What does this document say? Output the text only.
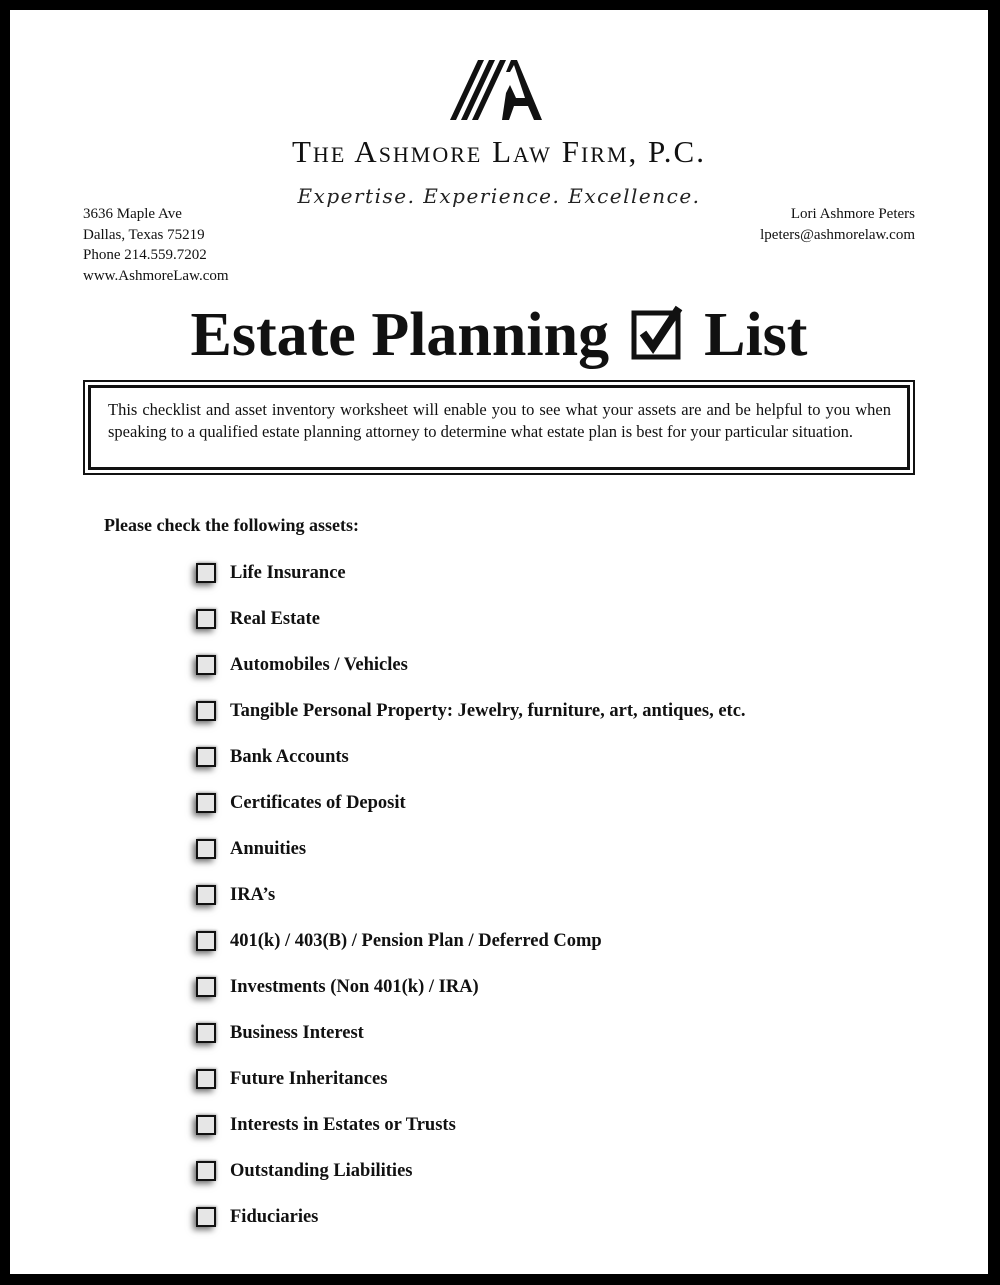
The Ashmore Law Firm, P.C.
Expertise. Experience. Excellence.
3636 Maple Ave
Dallas, Texas 75219
Phone 214.559.7202
www.AshmoreLaw.com
Lori Ashmore Peters
lpeters@ashmorelaw.com
Estate Planning List
This checklist and asset inventory worksheet will enable you to see what your assets are and be helpful to you when speaking to a qualified estate planning attorney to determine what estate plan is best for your particular situation.
Please check the following assets:
Life Insurance
Real Estate
Automobiles / Vehicles
Tangible Personal Property: Jewelry, furniture, art, antiques, etc.
Bank Accounts
Certificates of Deposit
Annuities
IRA’s
401(k) / 403(B) / Pension Plan / Deferred Comp
Investments (Non 401(k) / IRA)
Business Interest
Future Inheritances
Interests in Estates or Trusts
Outstanding Liabilities
Fiduciaries
